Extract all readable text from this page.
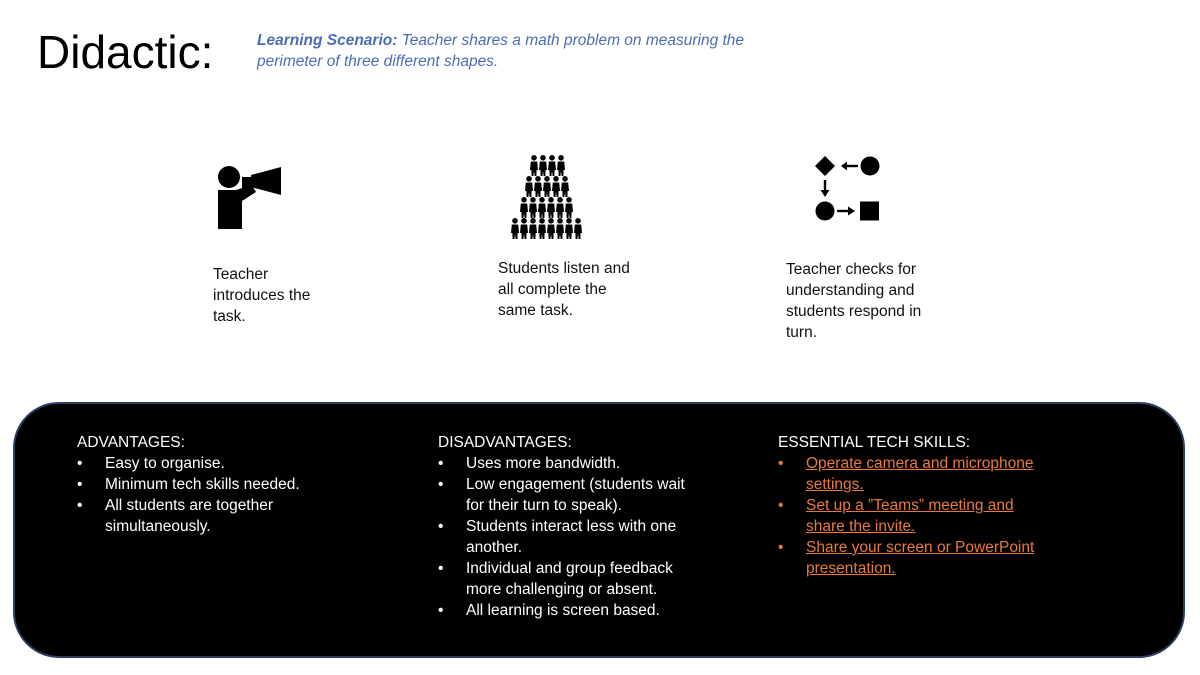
Didactic:	Learning Scenario: Teacher shares a math problem on measuring the perimeter of three different shapes.
Teacher introduces the task.
Students listen and all complete the same task.
Teacher checks for understanding and students respond in turn.
ADVANTAGES:
•	Easy to organise.
•	Minimum tech skills needed.
•	All students are together simultaneously.
DISADVANTAGES:
•	Uses more bandwidth.
•	Low engagement (students wait for their turn to speak).
•	Students interact less with one another.
•	Individual and group feedback more challenging or absent.
•	All learning is screen based.
ESSENTIAL TECH SKILLS:
•	Operate camera and microphone settings.
•	Set up a ”Teams” meeting and share the invite.
•	Share your screen or PowerPoint presentation.
